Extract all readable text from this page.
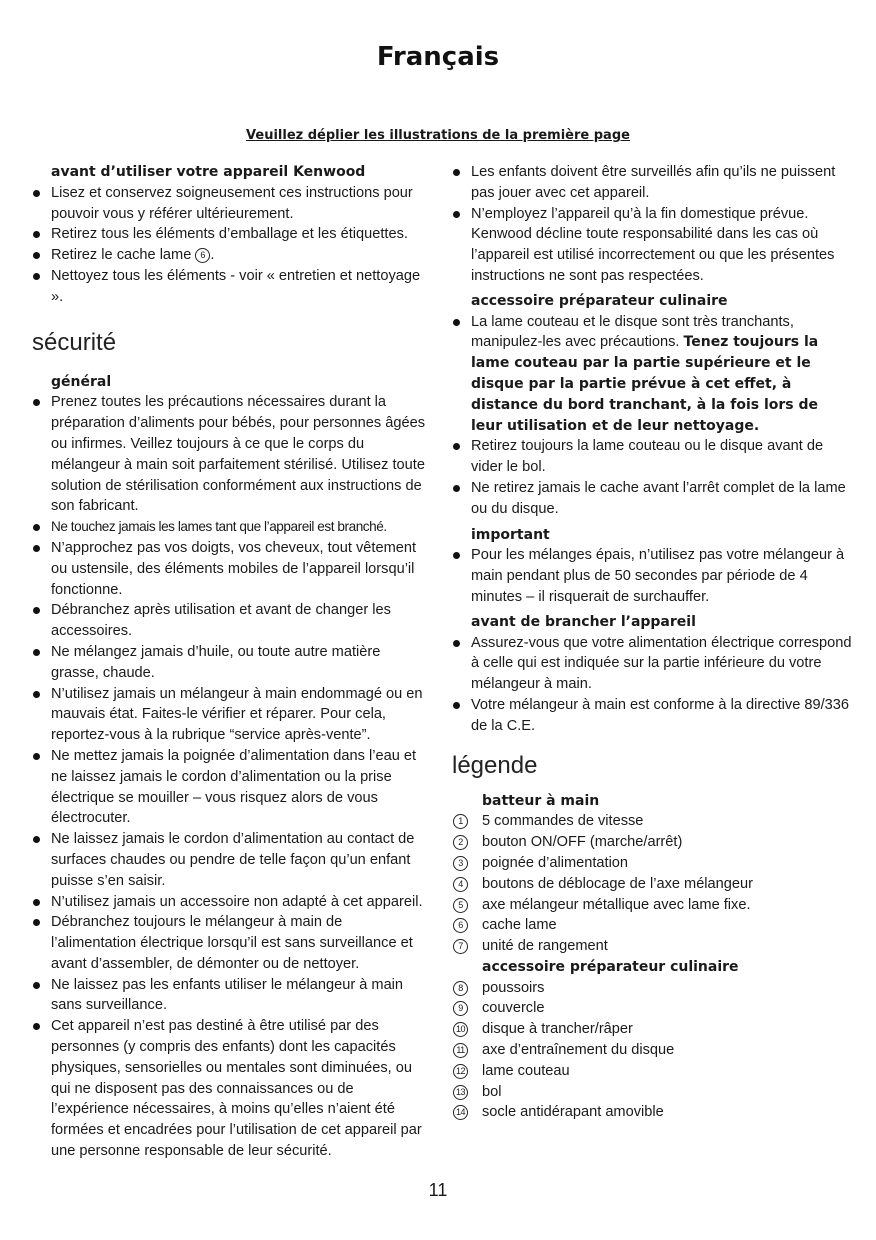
Français
Veuillez déplier les illustrations de la première page
avant d’utiliser votre appareil Kenwood
Lisez et conservez soigneusement ces instructions pour pouvoir vous y référer ultérieurement.
Retirez tous les éléments d’emballage et les étiquettes.
Retirez le cache lame 6 .
Nettoyez tous les éléments - voir « entretien et nettoyage ».
sécurité
général
Prenez toutes les précautions nécessaires durant la préparation d’aliments pour bébés, pour personnes âgées ou infirmes. Veillez toujours à ce que le corps du mélangeur à main soit parfaitement stérilisé. Utilisez toute solution de stérilisation conformément aux instructions de son fabricant.
Ne touchez jamais les lames tant que l’appareil est branché.
N’approchez pas vos doigts, vos cheveux, tout vêtement ou ustensile, des éléments mobiles de l’appareil lorsqu’il fonctionne.
Débranchez après utilisation et avant de changer les accessoires.
Ne mélangez jamais d’huile, ou toute autre matière grasse, chaude.
N’utilisez jamais un mélangeur à main endommagé ou en mauvais état. Faites-le vérifier et réparer. Pour cela, reportez-vous à la rubrique “service après-vente”.
Ne mettez jamais la poignée d’alimentation dans l’eau et ne laissez jamais le cordon d’alimentation ou la prise électrique se mouiller – vous risquez alors de vous électrocuter.
Ne laissez jamais le cordon d’alimentation au contact de surfaces chaudes ou pendre de telle façon qu’un enfant puisse s’en saisir.
N’utilisez jamais un accessoire non adapté à cet appareil.
Débranchez toujours le mélangeur à main de l’alimentation électrique lorsqu’il est sans surveillance et avant d’assembler, de démonter ou de nettoyer.
Ne laissez pas les enfants utiliser le mélangeur à main sans surveillance.
Cet appareil n’est pas destiné à être utilisé par des personnes (y compris des enfants) dont les capacités physiques, sensorielles ou mentales sont diminuées, ou qui ne disposent pas des connaissances ou de l’expérience nécessaires, à moins qu’elles n’aient été formées et encadrées pour l’utilisation de cet appareil par une personne responsable de leur sécurité.
Les enfants doivent être surveillés afin qu’ils ne puissent pas jouer avec cet appareil.
N’employez l’appareil qu’à la fin domestique prévue. Kenwood décline toute responsabilité dans les cas où l’appareil est utilisé incorrectement ou que les présentes instructions ne sont pas respectées.
accessoire préparateur culinaire
La lame couteau et le disque sont très tranchants, manipulez-les avec précautions. Tenez toujours la lame couteau par la partie supérieure et le disque par la partie prévue à cet effet, à distance du bord tranchant, à la fois lors de leur utilisation et de leur nettoyage.
Retirez toujours la lame couteau ou le disque avant de vider le bol.
Ne retirez jamais le cache avant l’arrêt complet de la lame ou du disque.
important
Pour les mélanges épais, n’utilisez pas votre mélangeur à main pendant plus de 50 secondes par période de 4 minutes – il risquerait de surchauffer.
avant de brancher l’appareil
Assurez-vous que votre alimentation électrique correspond à celle qui est indiquée sur la partie inférieure du votre mélangeur à main.
Votre mélangeur à main est conforme à la directive 89/336 de la C.E.
légende
batteur à main
1	5 commandes de vitesse
2	bouton ON/OFF (marche/arrêt)
3	poignée d’alimentation
4	boutons de déblocage de l’axe mélangeur
5	axe mélangeur métallique avec lame fixe.
6	cache lame
7	unité de rangement
accessoire préparateur culinaire
8	poussoirs
9	couvercle
10 disque à trancher/râper
11 axe d’entraînement du disque
12 lame couteau
13 bol
14 socle antidérapant amovible
11
